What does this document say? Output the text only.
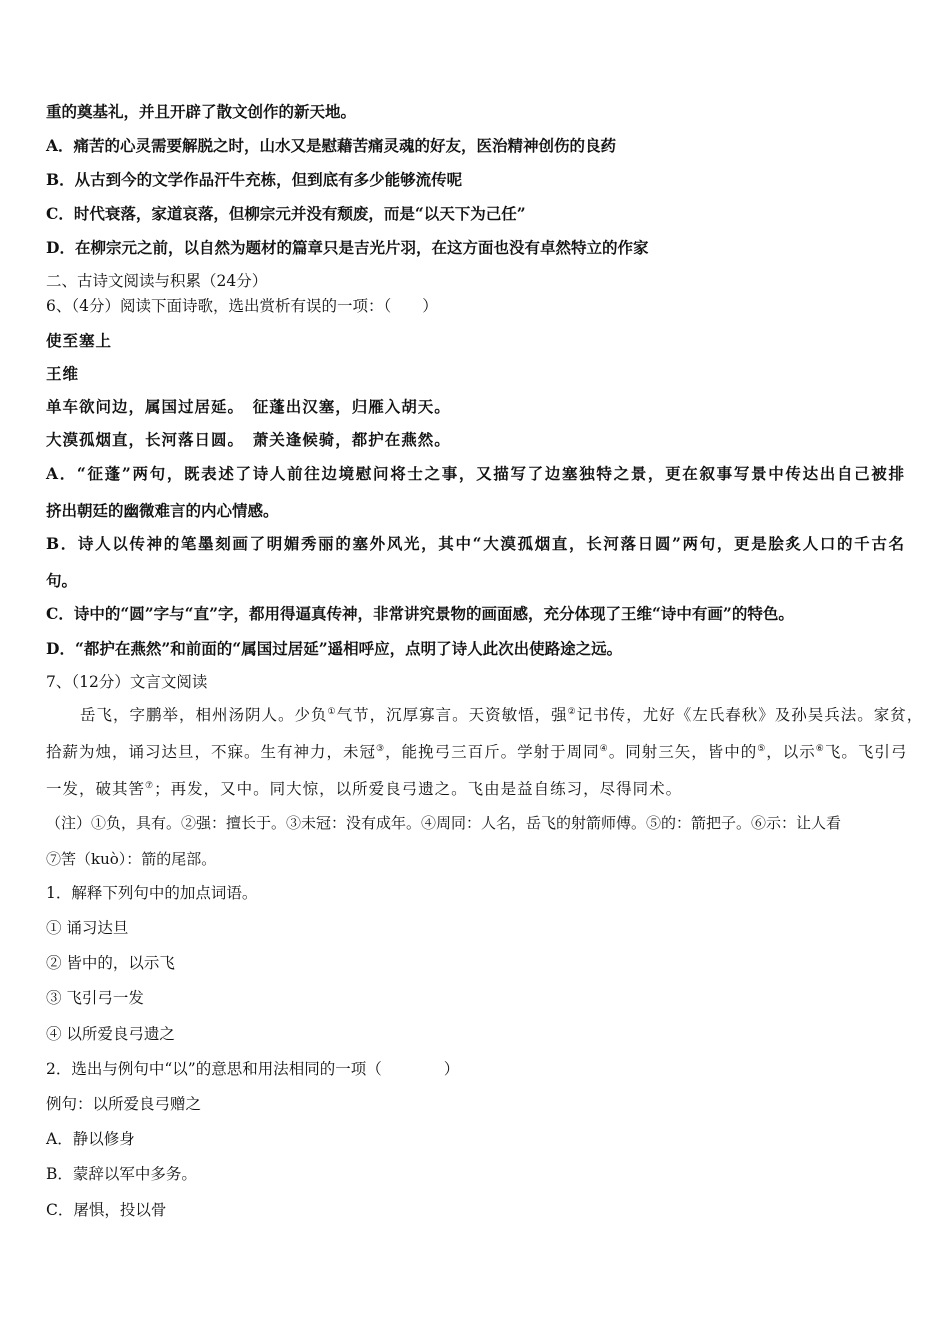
重的奠基礼，并且开辟了散文创作的新天地。
A．痛苦的心灵需要解脱之时，山水又是慰藉苦痛灵魂的好友，医治精神创伤的良药
B．从古到今的文学作品汗牛充栋，但到底有多少能够流传呢
C．时代衰落，家道哀落，但柳宗元并没有颓废，而是“以天下为己任”
D．在柳宗元之前，以自然为题材的篇章只是吉光片羽，在这方面也没有卓然特立的作家
二、古诗文阅读与积累（24分）
6、（4分）阅读下面诗歌，选出赏析有误的一项：（　　）
使至塞上
王维
单车欲问边，属国过居延。　征蓬出汉塞，归雁入胡天。
大漠孤烟直，长河落日圆。　萧关逢候骑，都护在燕然。
A．“征蓬”两句，既表述了诗人前往边境慰问将士之事，又描写了边塞独特之景，更在叙事写景中传达出自己被排
挤出朝廷的幽微难言的内心情感。
B．诗人以传神的笔墨刻画了明媚秀丽的塞外风光，其中“大漠孤烟直，长河落日圆”两句，更是脍炙人口的千古名
句。
C．诗中的“圆”字与“直”字，都用得逼真传神，非常讲究景物的画面感，充分体现了王维“诗中有画”的特色。
D．“都护在燕然”和前面的“属国过居延”遥相呼应，点明了诗人此次出使路途之远。
7、（12分）文言文阅读
岳飞，字鹏举，相州汤阴人。少负①气节，沉厚寡言。天资敏悟，强②记书传，尤好《左氏春秋》及孙吴兵法。家贫，
拾薪为烛，诵习达旦，不寐。生有神力，未冠③，能挽弓三百斤。学射于周同④。同射三矢，皆中的⑤，以示⑥飞。飞引弓
一发，破其筈⑦；再发，又中。同大惊，以所爱良弓遗之。飞由是益自练习，尽得同术。
（注）①负，具有。②强：擅长于。③未冠：没有成年。④周同：人名，岳飞的射箭师傅。⑤的：箭把子。⑥示：让人看
⑦筈（kuò）：箭的尾部。
1．解释下列句中的加点词语。
① 诵习达旦
② 皆中的，以示飞
③ 飞引弓一发
④ 以所爱良弓遗之
2．选出与例句中“以”的意思和用法相同的一项（　　　　）
例句：以所爱良弓赠之
A．静以修身
B．蒙辞以军中多务。
C．屠惧，投以骨
